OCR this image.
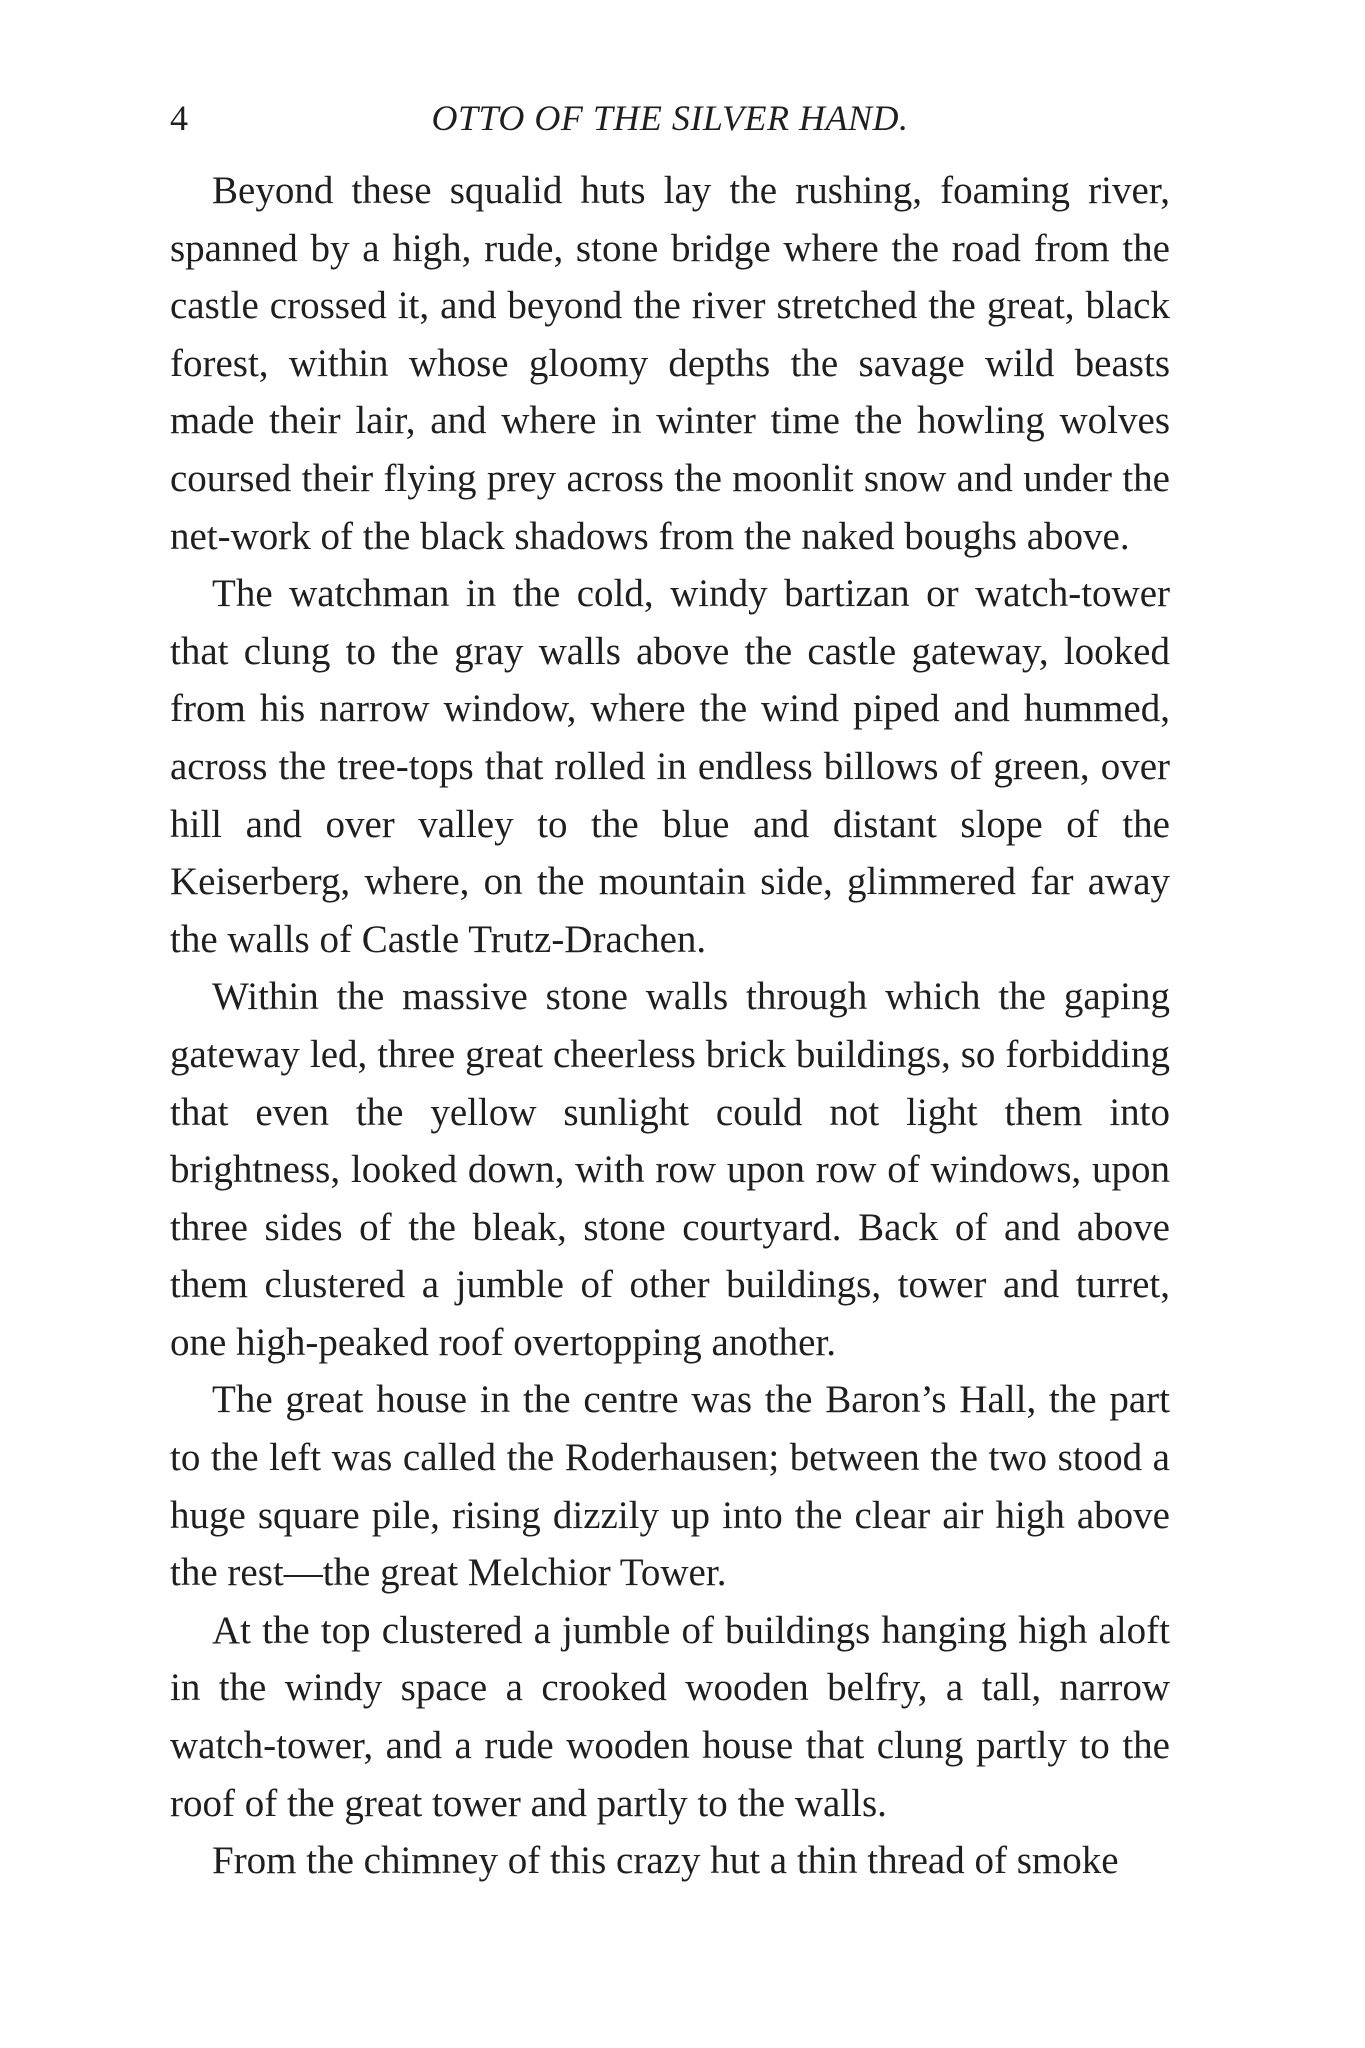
4	OTTO OF THE SILVER HAND.

Beyond these squalid huts lay the rushing, foaming river, spanned by a high, rude, stone bridge where the road from the castle crossed it, and beyond the river stretched the great, black forest, within whose gloomy depths the savage wild beasts made their lair, and where in winter time the howling wolves coursed their flying prey across the moonlit snow and under the net-work of the black shadows from the naked boughs above.

The watchman in the cold, windy bartizan or watch-tower that clung to the gray walls above the castle gateway, looked from his narrow window, where the wind piped and hummed, across the tree-tops that rolled in endless billows of green, over hill and over valley to the blue and distant slope of the Keiserberg, where, on the mountain side, glimmered far away the walls of Castle Trutz-Drachen.

Within the massive stone walls through which the gaping gateway led, three great cheerless brick buildings, so forbidding that even the yellow sunlight could not light them into brightness, looked down, with row upon row of windows, upon three sides of the bleak, stone courtyard. Back of and above them clustered a jumble of other buildings, tower and turret, one high-peaked roof overtopping another.

The great house in the centre was the Baron’s Hall, the part to the left was called the Roderhausen; between the two stood a huge square pile, rising dizzily up into the clear air high above the rest—the great Melchior Tower.

At the top clustered a jumble of buildings hanging high aloft in the windy space a crooked wooden belfry, a tall, narrow watch-tower, and a rude wooden house that clung partly to the roof of the great tower and partly to the walls.

From the chimney of this crazy hut a thin thread of smoke
